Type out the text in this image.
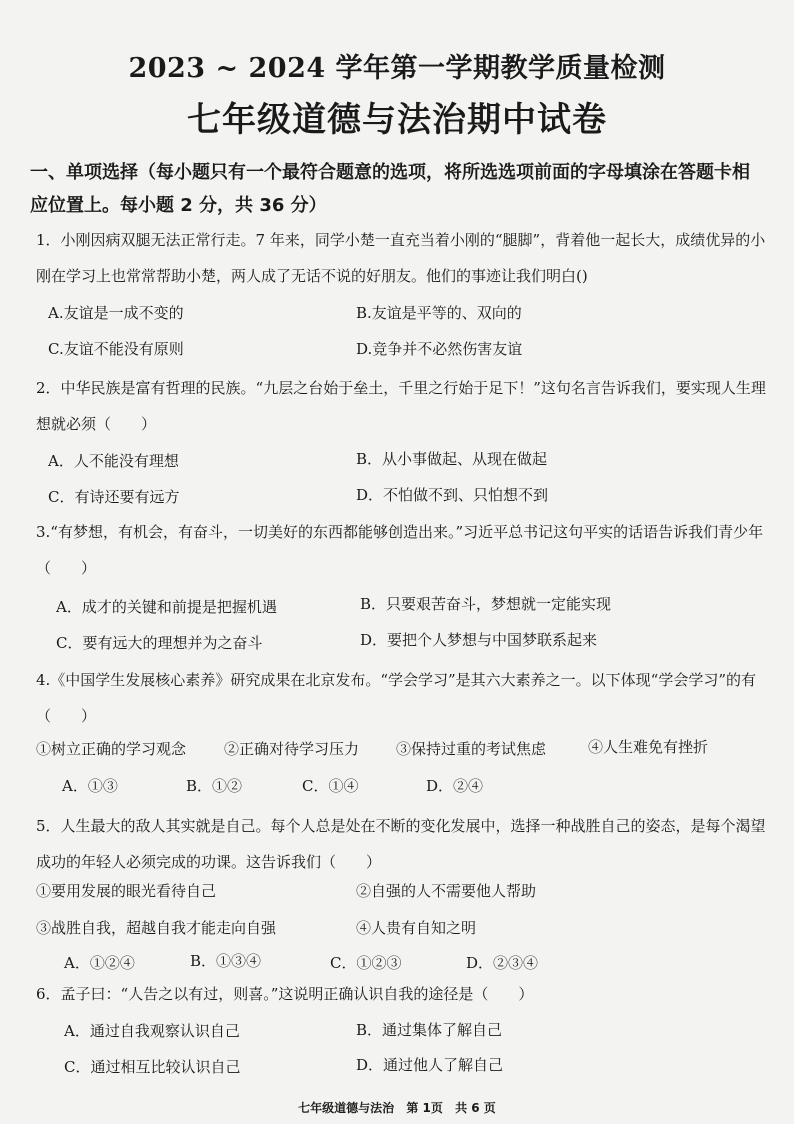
2023 ~ 2024 学年第一学期教学质量检测
七年级道德与法治期中试卷
一、单项选择（每小题只有一个最符合题意的选项，将所选选项前面的字母填涂在答题卡相应位置上。每小题 2 分，共 36 分）
1．小刚因病双腿无法正常行走。7 年来，同学小楚一直充当着小刚的“腿脚”，背着他一起长大，成绩优异的小刚在学习上也常常帮助小楚，两人成了无话不说的好朋友。他们的事迹让我们明白()
A.友谊是一成不变的	B.友谊是平等的、双向的
C.友谊不能没有原则	D.竞争并不必然伤害友谊
2．中华民族是富有哲理的民族。“九层之台始于垒土，千里之行始于足下！”这句名言告诉我们，要实现人生理想就必须（　　）
A．人不能没有理想	B．从小事做起、从现在做起
C．有诗还要有远方	D．不怕做不到、只怕想不到
3.“有梦想，有机会，有奋斗，一切美好的东西都能够创造出来。”习近平总书记这句平实的话语告诉我们青少年（　　）
A．成才的关键和前提是把握机遇	B．只要艰苦奋斗，梦想就一定能实现
C．要有远大的理想并为之奋斗	D．要把个人梦想与中国梦联系起来
4.《中国学生发展核心素养》研究成果在北京发布。“学会学习”是其六大素养之一。以下体现“学会学习”的有（　　）
①树立正确的学习观念	②正确对待学习压力 ③保持过重的考试焦虑	④人生难免有挫折
A．①③	B．①②	C．①④	D．②④
5．人生最大的敌人其实就是自己。每个人总是处在不断的变化发展中，选择一种战胜自己的姿态，是每个渴望成功的年轻人必须完成的功课。这告诉我们（　　）
①要用发展的眼光看待自己	②自强的人不需要他人帮助
③战胜自我，超越自我才能走向自强	④人贵有自知之明
A．①②④	B．①③④	C．①②③	D．②③④
6．孟子曰：“人告之以有过，则喜。”这说明正确认识自我的途径是（　　）
A．通过自我观察认识自己	B．通过集体了解自己
C．通过相互比较认识自己	D．通过他人了解自己
七年级道德与法治 第 1页 共 6 页
